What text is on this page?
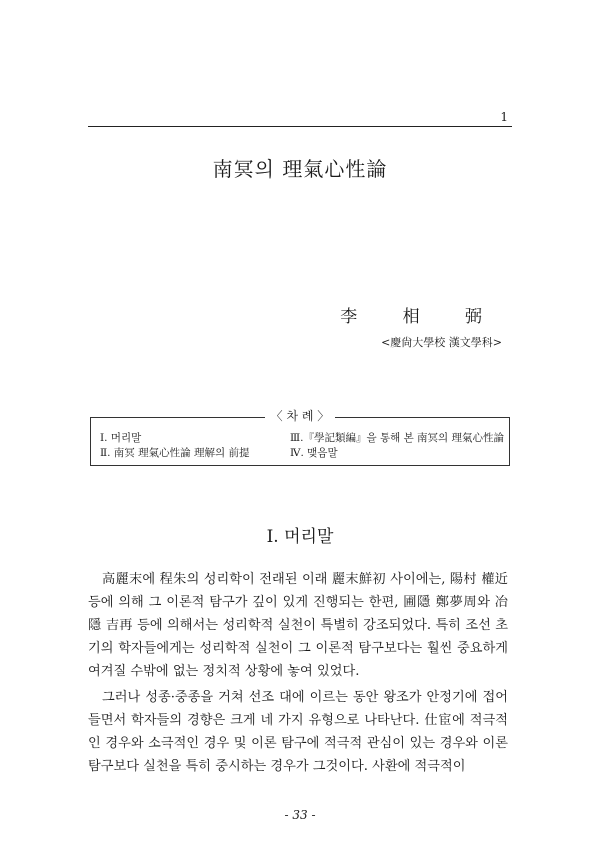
1
南冥의 理氣心性論
李 相 弼
<慶尙大學校 漢文學科>
〈 차 례 〉
Ⅰ. 머리말
Ⅱ. 南冥 理氣心性論 理解의 前提
Ⅲ.『學記類編』을 통해 본 南冥의 理氣心性論
Ⅳ. 맺음말
Ⅰ. 머리말

高麗末에 程朱의 성리학이 전래된 이래 麗末鮮初 사이에는, 陽村 權近 등에 의해 그 이론적 탐구가 깊이 있게 진행되는 한편, 圃隱 鄭夢周와 冶隱 吉再 등에 의해서는 성리학적 실천이 특별히 강조되었다. 특히 조선 초기의 학자들에게는 성리학적 실천이 그 이론적 탐구보다는 훨씬 중요하게 여겨질 수밖에 없는 정치적 상황에 놓여 있었다.

그러나 성종·중종을 거쳐 선조 대에 이르는 동안 왕조가 안정기에 접어들면서 학자들의 경향은 크게 네 가지 유형으로 나타난다. 仕宦에 적극적인 경우와 소극적인 경우 및 이론 탐구에 적극적 관심이 있는 경우와 이론 탐구보다 실천을 특히 중시하는 경우가 그것이다. 사환에 적극적이

- 33 -
